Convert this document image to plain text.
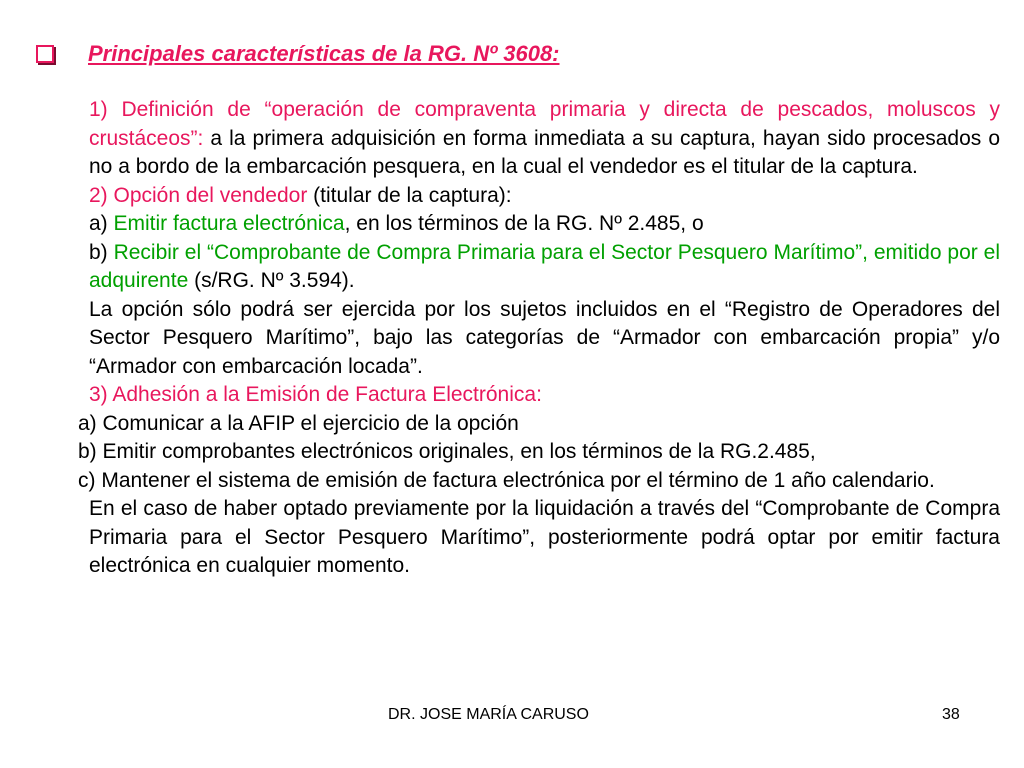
Principales características de la RG. Nº 3608:

1) Definición de “operación de compraventa primaria y directa de pescados, moluscos y crustáceos”: a la primera adquisición en forma inmediata a su captura, hayan sido procesados o no a bordo de la embarcación pesquera, en la cual el vendedor es el titular de la captura.

2) Opción del vendedor (titular de la captura):

a) Emitir factura electrónica, en los términos de la RG. Nº 2.485, o

b) Recibir el “Comprobante de Compra Primaria para el Sector Pesquero Marítimo”, emitido por el adquirente (s/RG. Nº 3.594).

La opción sólo podrá ser ejercida por los sujetos incluidos en el “Registro de Operadores del Sector Pesquero Marítimo”, bajo las categorías de “Armador con embarcación propia” y/o “Armador con embarcación locada”.

3) Adhesión a la Emisión de Factura Electrónica:

a) Comunicar a la AFIP el ejercicio de la opción

b) Emitir comprobantes electrónicos originales, en los términos de la RG.2.485,

c) Mantener el sistema de emisión de factura electrónica por el término de 1 año calendario.

En el caso de haber optado previamente por la liquidación a través del “Comprobante de Compra Primaria para el Sector Pesquero Marítimo”, posteriormente podrá optar por emitir factura electrónica en cualquier momento.

DR. JOSE MARÍA CARUSO	38
